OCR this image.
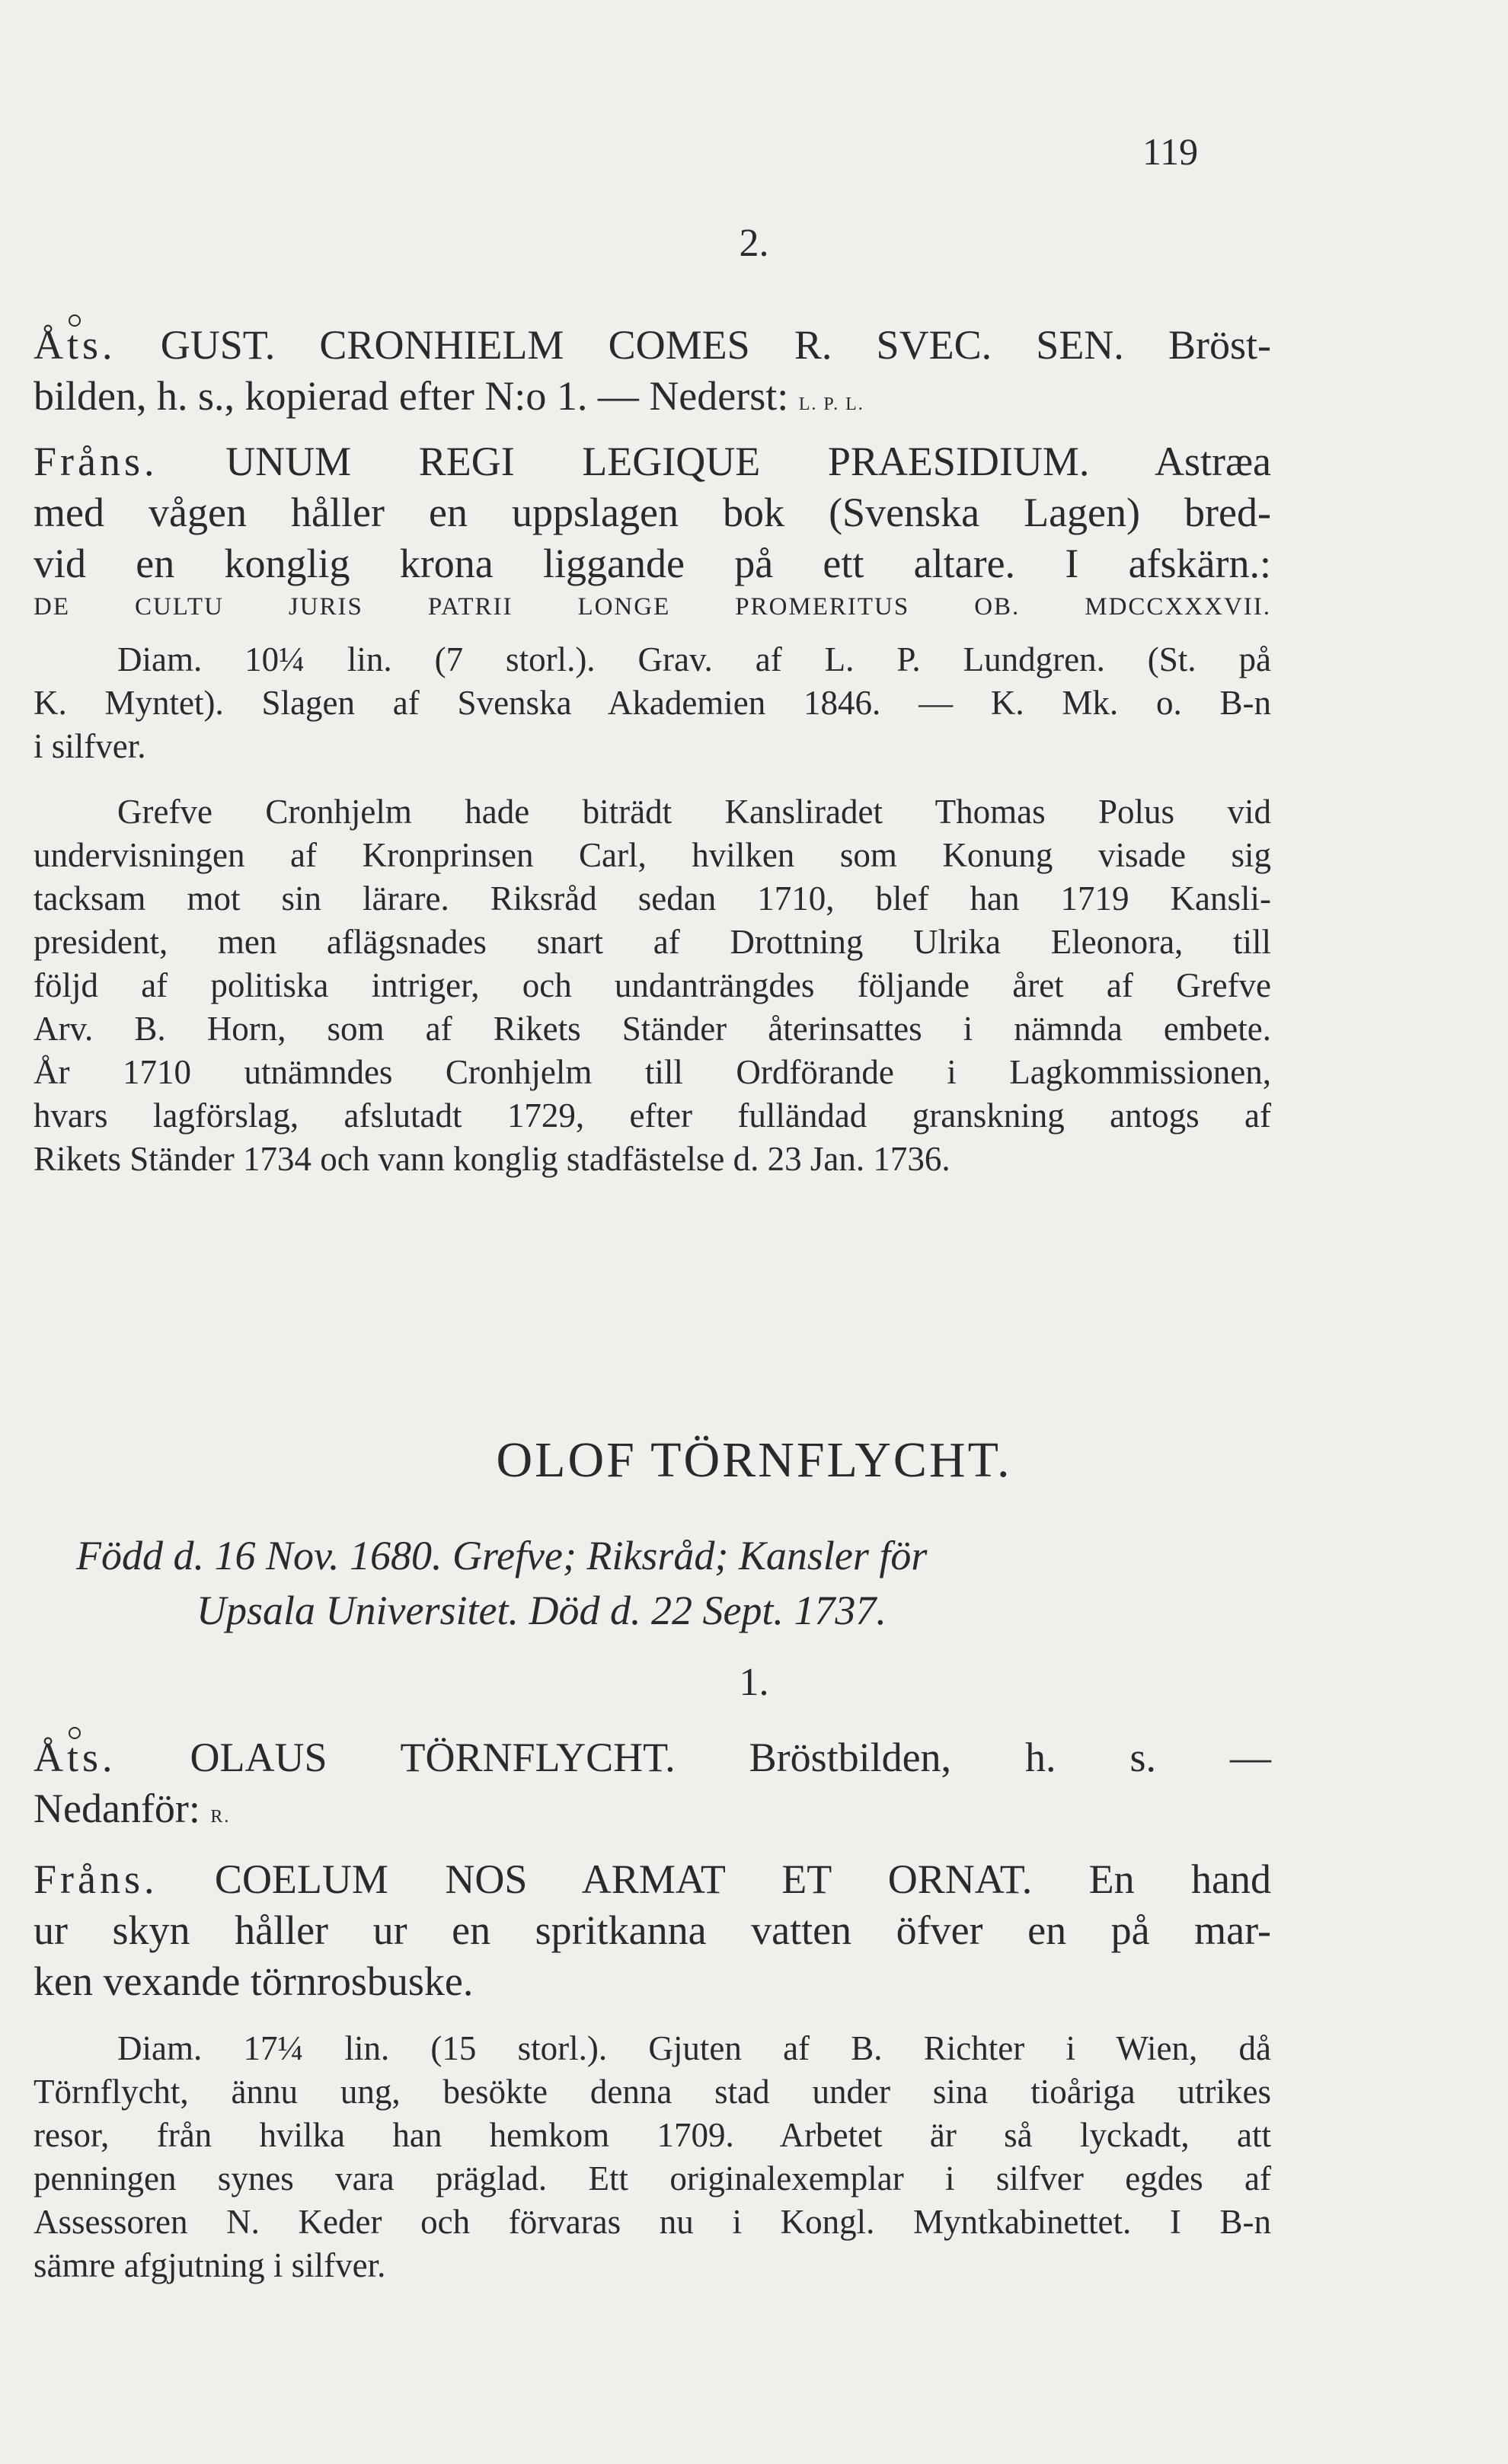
119
2.
Åts. GUST. CRONHIELM COMES R. SVEC. SEN. Bröst-
bilden, h. s., kopierad efter N:o 1. — Nederst: L. P. L.
Fråns. UNUM REGI LEGIQUE PRAESIDIUM. Astræa
med vågen håller en uppslagen bok (Svenska Lagen) bred-
vid en konglig krona liggande på ett altare. I afskärn.:
DE CULTU JURIS PATRII LONGE PROMERITUS OB. MDCCXXXVII.
Diam. 10¼ lin. (7 storl.). Grav. af L. P. Lundgren. (St. på
K. Myntet). Slagen af Svenska Akademien 1846. — K. Mk. o. B-n
i silfver.
Grefve Cronhjelm hade biträdt Kansliradet Thomas Polus vid
undervisningen af Kronprinsen Carl, hvilken som Konung visade sig
tacksam mot sin lärare. Riksråd sedan 1710, blef han 1719 Kansli-
president, men aflägsnades snart af Drottning Ulrika Eleonora, till
följd af politiska intriger, och undanträngdes följande året af Grefve
Arv. B. Horn, som af Rikets Ständer återinsattes i nämnda embete.
År 1710 utnämndes Cronhjelm till Ordförande i Lagkommissionen,
hvars lagförslag, afslutadt 1729, efter fulländad granskning antogs af
Rikets Ständer 1734 och vann konglig stadfästelse d. 23 Jan. 1736.
OLOF TÖRNFLYCHT.
Född d. 16 Nov. 1680. Grefve; Riksråd; Kansler för
Upsala Universitet. Död d. 22 Sept. 1737.
1.
Åts. OLAUS TÖRNFLYCHT. Bröstbilden, h. s. —
Nedanför: R.
Fråns. COELUM NOS ARMAT ET ORNAT. En hand
ur skyn håller ur en spritkanna vatten öfver en på mar-
ken vexande törnrosbuske.
Diam. 17¼ lin. (15 storl.). Gjuten af B. Richter i Wien, då
Törnflycht, ännu ung, besökte denna stad under sina tioåriga utrikes
resor, från hvilka han hemkom 1709. Arbetet är så lyckadt, att
penningen synes vara präglad. Ett originalexemplar i silfver egdes af
Assessoren N. Keder och förvaras nu i Kongl. Myntkabinettet. I B-n
sämre afgjutning i silfver.
